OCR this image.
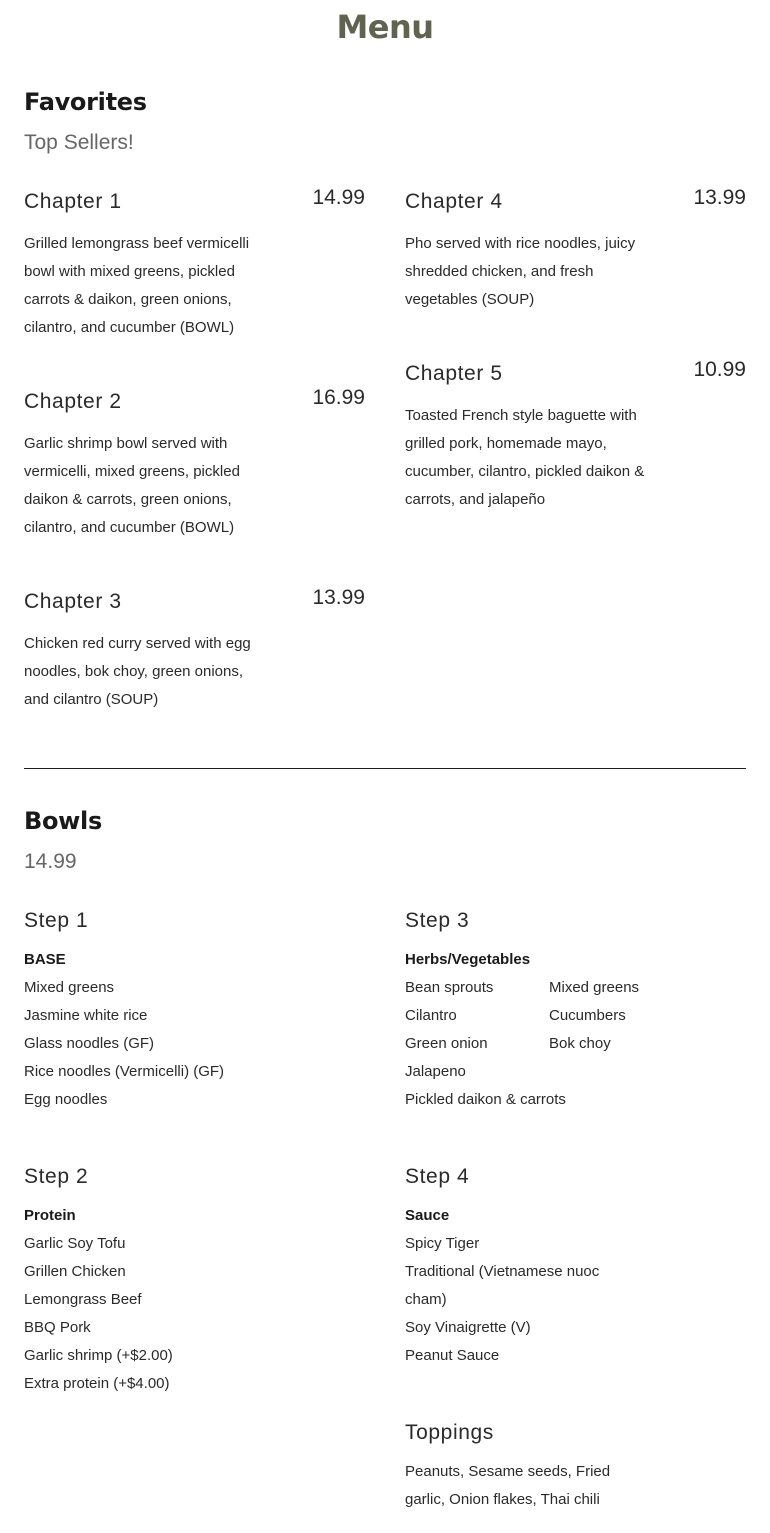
Menu
Favorites
Top Sellers!
Chapter 1	14.99
Grilled lemongrass beef vermicelli bowl with mixed greens, pickled carrots & daikon, green onions, cilantro, and cucumber (BOWL)
Chapter 2	16.99
Garlic shrimp bowl served with vermicelli, mixed greens, pickled daikon & carrots, green onions, cilantro, and cucumber (BOWL)
Chapter 3	13.99
Chicken red curry served with egg noodles, bok choy, green onions, and cilantro (SOUP)
Chapter 4	13.99
Pho served with rice noodles, juicy shredded chicken, and fresh vegetables (SOUP)
Chapter 5	10.99
Toasted French style baguette with grilled pork, homemade mayo, cucumber, cilantro, pickled daikon & carrots, and jalapeño
Bowls
14.99
Step 1
BASE
Mixed greens
Jasmine white rice
Glass noodles (GF)
Rice noodles (Vermicelli) (GF)
Egg noodles
Step 2
Protein
Garlic Soy Tofu
Grillen Chicken
Lemongrass Beef
BBQ Pork
Garlic shrimp (+$2.00)
Extra protein (+$4.00)
Step 3
Herbs/Vegetables
Bean sprouts	Mixed greens
Cilantro	Cucumbers
Green onion	Bok choy
Jalapeno
Pickled daikon & carrots
Step 4
Sauce
Spicy Tiger
Traditional (Vietnamese nuoc cham)
Soy Vinaigrette (V)
Peanut Sauce
Toppings
Peanuts, Sesame seeds, Fried garlic, Onion flakes, Thai chili
